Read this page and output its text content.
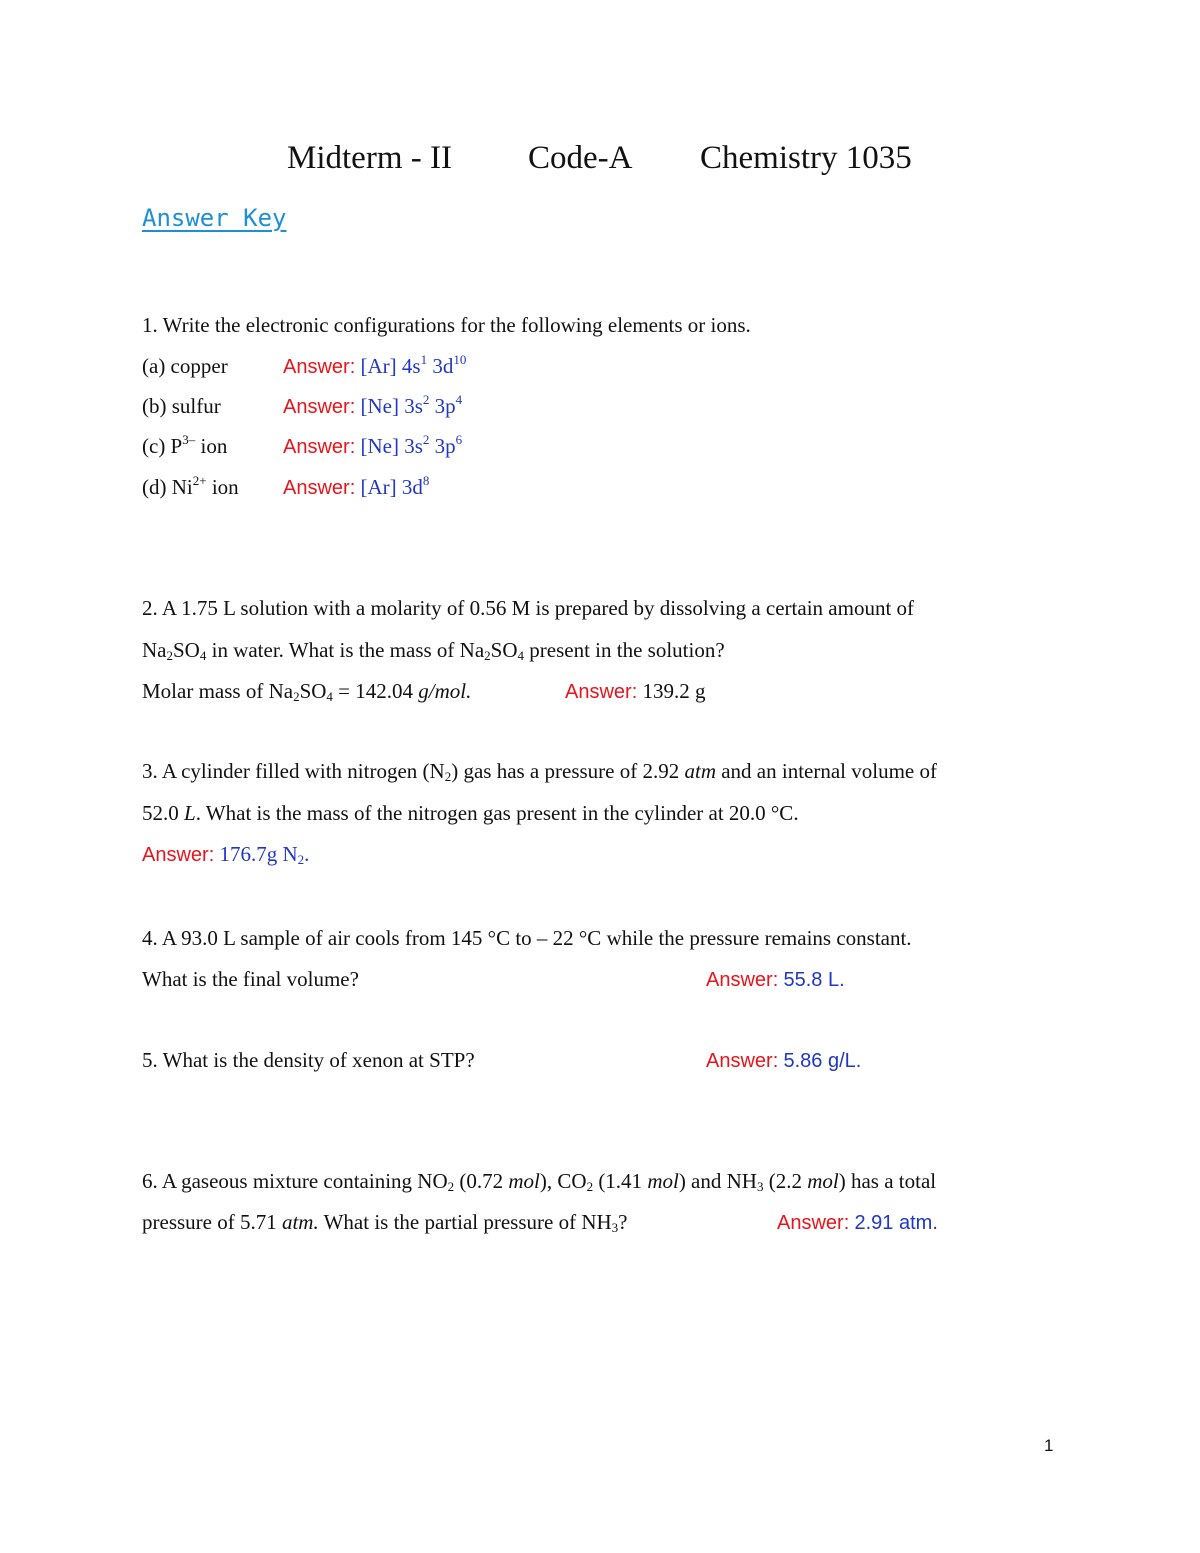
Midterm - II Code-A Chemistry 1035
Answer Key
1. Write the electronic configurations for the following elements or ions.
(a) copper	Answer: [Ar] $4s^1$ $3d^{10}$
(b) sulfur	Answer: [Ne] $3s^2$ $3p^4$
(c) $P^{3-}$ ion	Answer: [Ne] $3s^2$ $3p^6$
(d) $Ni^{2+}$ ion Answer: [Ar] $3d^8$
2. A 1.75 L solution with a molarity of 0.56 M is prepared by dissolving a certain amount of
$Na_2SO_4$ in water. What is the mass of $Na_2SO_4$ present in the solution?
Molar mass of $Na_2SO_4 = 142.04$ g/mol.	Answer: 139.2 g
3. A cylinder filled with nitrogen $(N_2)$ gas has a pressure of 2.92 atm and an internal volume of
52.0 L. What is the mass of the nitrogen gas present in the cylinder at 20.0 °C.
Answer: 176.7g $N_2$.
4. A 93.0 L sample of air cools from 145 °C to – 22 °C while the pressure remains constant.
What is the final volume?	Answer: 55.8 L.
5. What is the density of xenon at STP?	Answer: 5.86 g/L.
6. A gaseous mixture containing $NO_2$ (0.72 mol), $CO_2$ (1.41 mol) and $NH_3$ (2.2 mol) has a total
pressure of 5.71 atm. What is the partial pressure of $NH_3$?	Answer: 2.91 atm.
1
